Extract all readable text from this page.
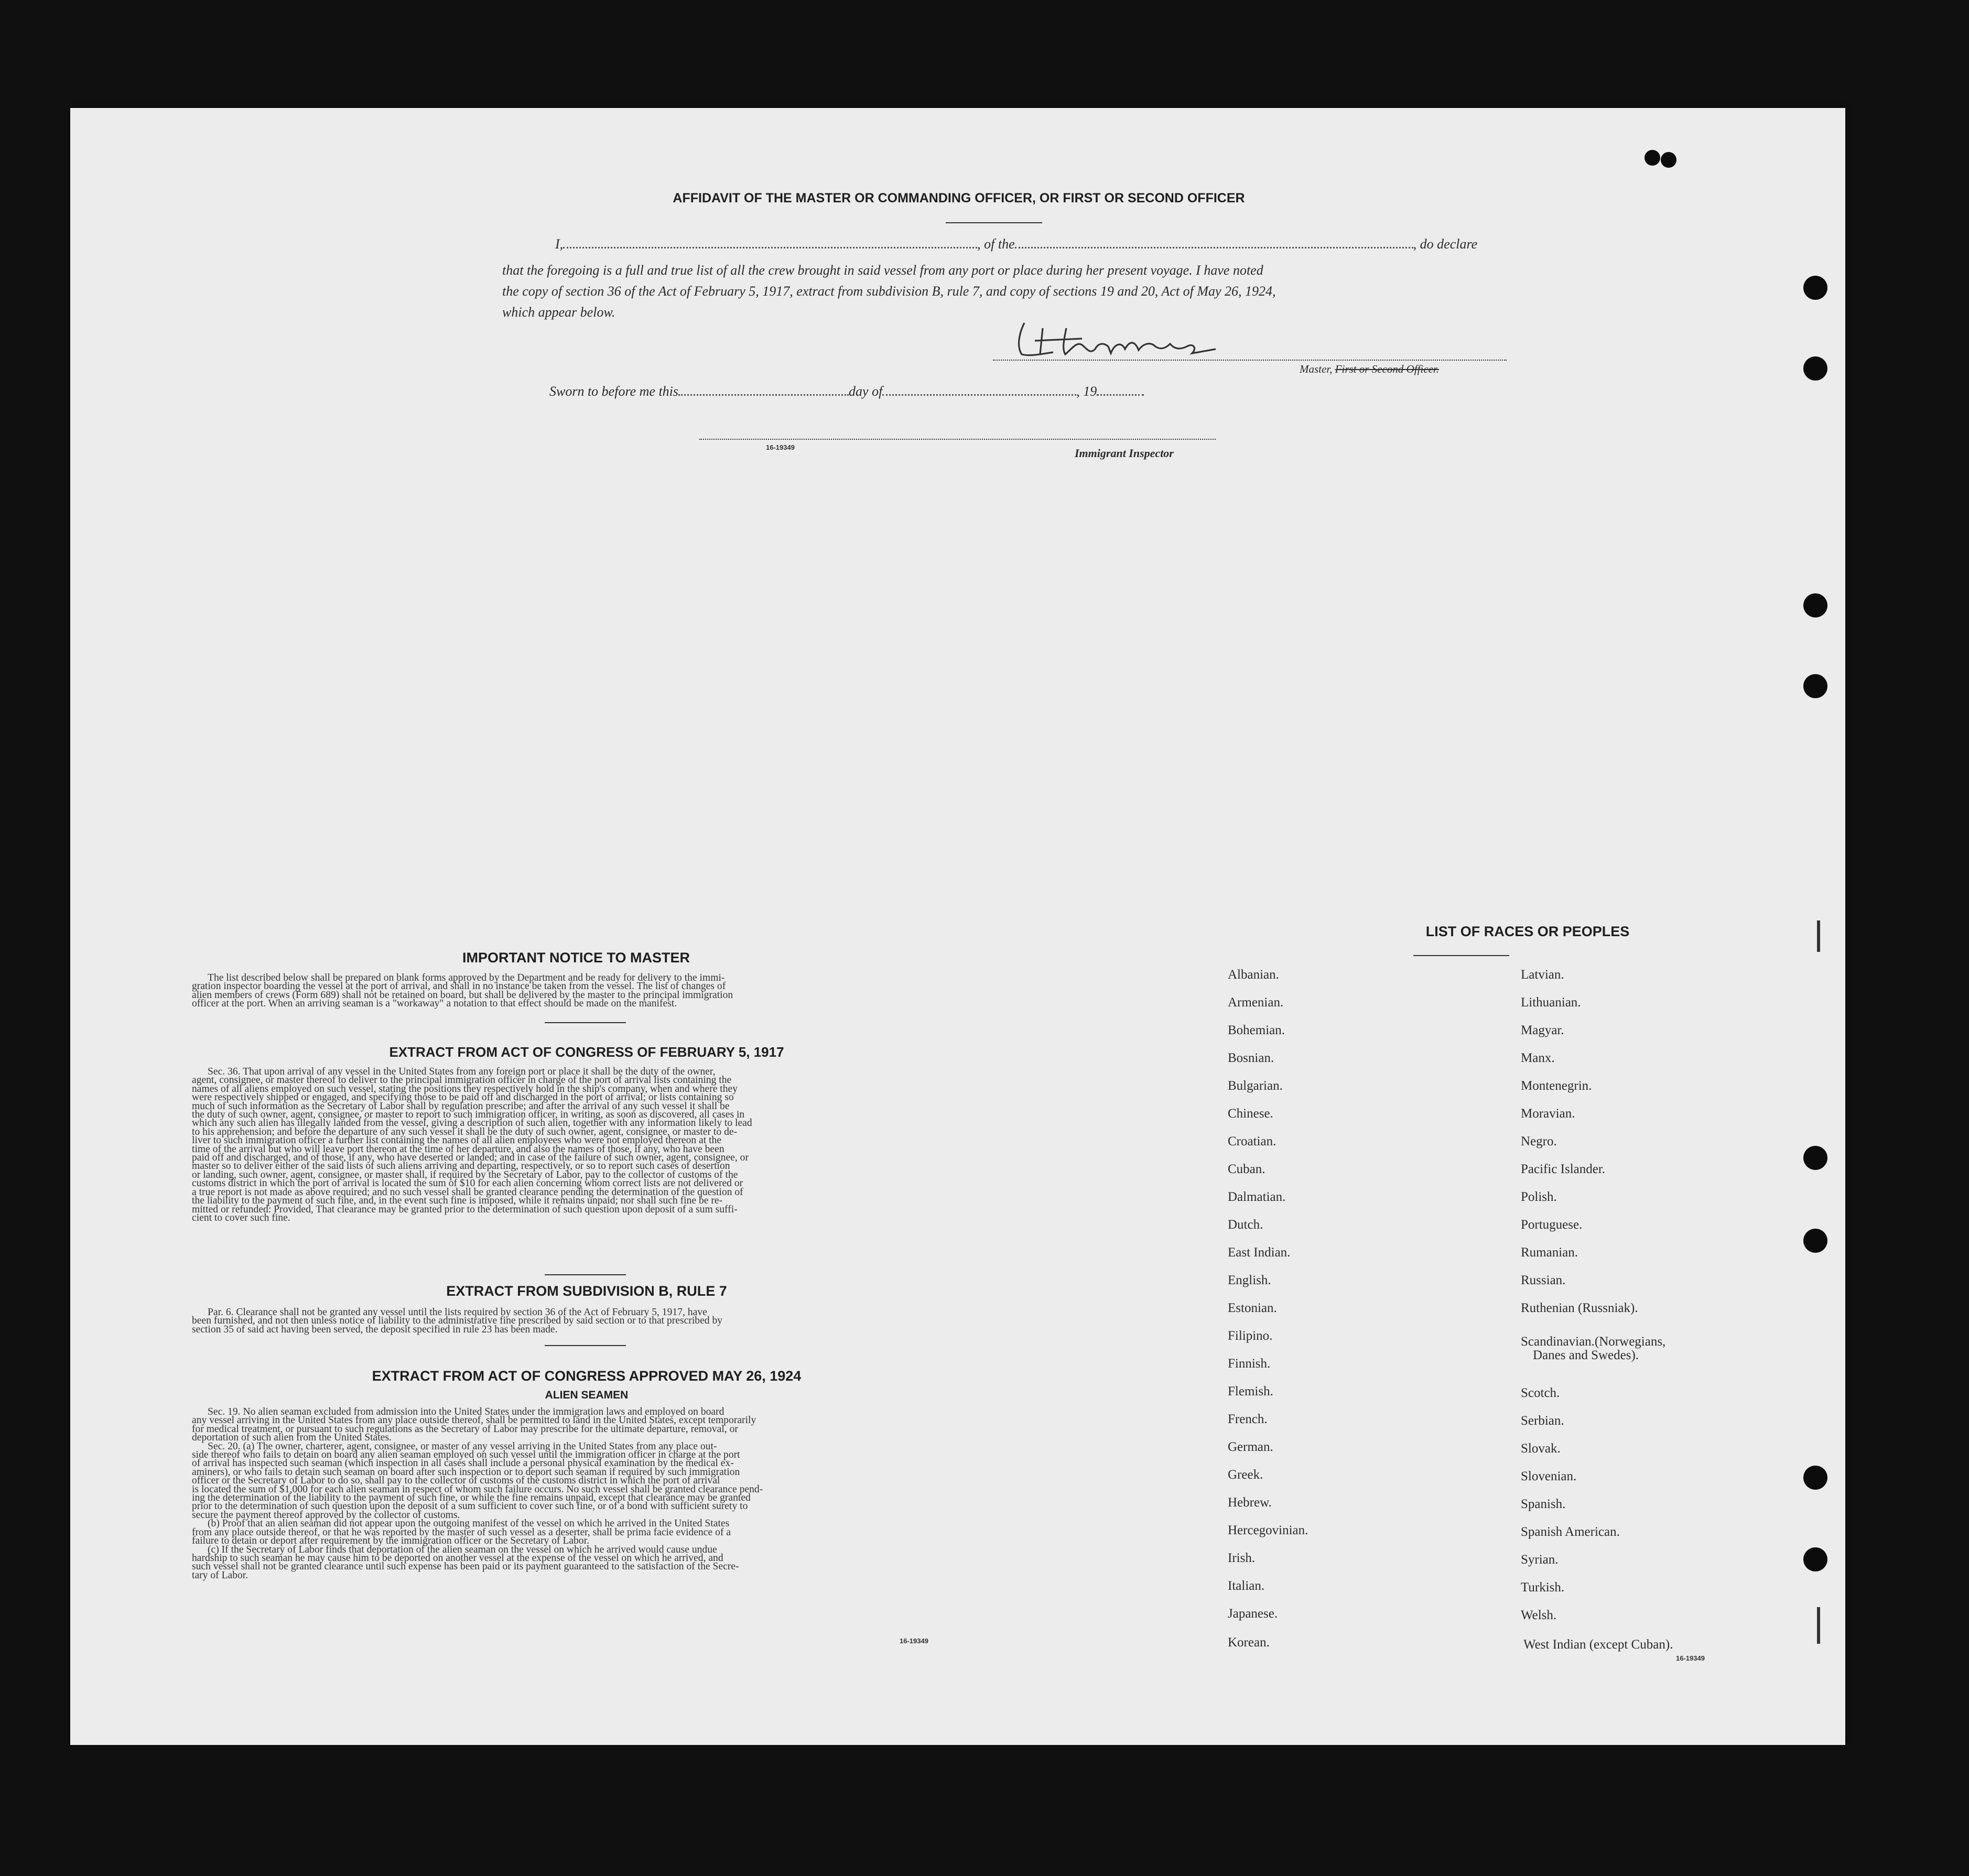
AFFIDAVIT OF THE MASTER OR COMMANDING OFFICER, OR FIRST OR SECOND OFFICER
I,	, of the	, do declare
that the foregoing is a full and true list of all the crew brought in said vessel from any port or place during her present voyage. I have noted
the copy of section 36 of the Act of February 5, 1917, extract from subdivision B, rule 7, and copy of sections 19 and 20, Act of May 26, 1924,
which appear below.
Master, First or Second Officer.
Sworn to before me this	day of	, 19
16-19349	Immigrant Inspector
IMPORTANT NOTICE TO MASTER
The list described below shall be prepared on blank forms approved by the Department and be ready for delivery to the immi-
gration inspector boarding the vessel at the port of arrival, and shall in no instance be taken from the vessel. The list of changes of
alien members of crews (Form 689) shall not be retained on board, but shall be delivered by the master to the principal immigration
officer at the port. When an arriving seaman is a "workaway" a notation to that effect should be made on the manifest.
EXTRACT FROM ACT OF CONGRESS OF FEBRUARY 5, 1917
Sec. 36. That upon arrival of any vessel in the United States from any foreign port or place it shall be the duty of the owner,
agent, consignee, or master thereof to deliver to the principal immigration officer in charge of the port of arrival lists containing the
names of all aliens employed on such vessel, stating the positions they respectively hold in the ship's company, when and where they
were respectively shipped or engaged, and specifying those to be paid off and discharged in the port of arrival; or lists containing so
much of such information as the Secretary of Labor shall by regulation prescribe; and after the arrival of any such vessel it shall be
the duty of such owner, agent, consignee, or master to report to such immigration officer, in writing, as soon as discovered, all cases in
which any such alien has illegally landed from the vessel, giving a description of such alien, together with any information likely to lead
to his apprehension; and before the departure of any such vessel it shall be the duty of such owner, agent, consignee, or master to de-
liver to such immigration officer a further list containing the names of all alien employees who were not employed thereon at the
time of the arrival but who will leave port thereon at the time of her departure, and also the names of those, if any, who have been
paid off and discharged, and of those, if any, who have deserted or landed; and in case of the failure of such owner, agent, consignee, or
master so to deliver either of the said lists of such aliens arriving and departing, respectively, or so to report such cases of desertion
or landing, such owner, agent, consignee, or master shall, if required by the Secretary of Labor, pay to the collector of customs of the
customs district in which the port of arrival is located the sum of $10 for each alien concerning whom correct lists are not delivered or
a true report is not made as above required; and no such vessel shall be granted clearance pending the determination of the question of
the liability to the payment of such fine, and, in the event such fine is imposed, while it remains unpaid; nor shall such fine be re-
mitted or refunded: Provided, That clearance may be granted prior to the determination of such question upon deposit of a sum suffi-
cient to cover such fine.
EXTRACT FROM SUBDIVISION B, RULE 7
Par. 6. Clearance shall not be granted any vessel until the lists required by section 36 of the Act of February 5, 1917, have
been furnished, and not then unless notice of liability to the administrative fine prescribed by said section or to that prescribed by
section 35 of said act having been served, the deposit specified in rule 23 has been made.
EXTRACT FROM ACT OF CONGRESS APPROVED MAY 26, 1924
ALIEN SEAMEN
Sec. 19. No alien seaman excluded from admission into the United States under the immigration laws and employed on board
any vessel arriving in the United States from any place outside thereof, shall be permitted to land in the United States, except temporarily
for medical treatment, or pursuant to such regulations as the Secretary of Labor may prescribe for the ultimate departure, removal, or
deportation of such alien from the United States.
Sec. 20. (a) The owner, charterer, agent, consignee, or master of any vessel arriving in the United States from any place out-
side thereof who fails to detain on board any alien seaman employed on such vessel until the immigration officer in charge at the port
of arrival has inspected such seaman (which inspection in all cases shall include a personal physical examination by the medical ex-
aminers), or who fails to detain such seaman on board after such inspection or to deport such seaman if required by such immigration
officer or the Secretary of Labor to do so, shall pay to the collector of customs of the customs district in which the port of arrival
is located the sum of $1,000 for each alien seaman in respect of whom such failure occurs. No such vessel shall be granted clearance pend-
ing the determination of the liability to the payment of such fine, or while the fine remains unpaid, except that clearance may be granted
prior to the determination of such question upon the deposit of a sum sufficient to cover such fine, or of a bond with sufficient surety to
secure the payment thereof approved by the collector of customs.
(b) Proof that an alien seaman did not appear upon the outgoing manifest of the vessel on which he arrived in the United States
from any place outside thereof, or that he was reported by the master of such vessel as a deserter, shall be prima facie evidence of a
failure to detain or deport after requirement by the immigration officer or the Secretary of Labor.
(c) If the Secretary of Labor finds that deportation of the alien seaman on the vessel on which he arrived would cause undue
hardship to such seaman he may cause him to be deported on another vessel at the expense of the vessel on which he arrived, and
such vessel shall not be granted clearance until such expense has been paid or its payment guaranteed to the satisfaction of the Secre-
tary of Labor.
16-19349
LIST OF RACES OR PEOPLES
Albanian.
Armenian.
Bohemian.
Bosnian.
Bulgarian.
Chinese.
Croatian.
Cuban.
Dalmatian.
Dutch.
East Indian.
English.
Estonian.
Filipino.
Finnish.
Flemish.
French.
German.
Greek.
Hebrew.
Hercegovinian.
Irish.
Italian.
Japanese.
Korean.
Latvian.
Lithuanian.
Magyar.
Manx.
Montenegrin.
Moravian.
Negro.
Pacific Islander.
Polish.
Portuguese.
Rumanian.
Russian.
Ruthenian (Russniak).
Scandinavian.(Norwegians,
Danes and Swedes).
Scotch.
Serbian.
Slovak.
Slovenian.
Spanish.
Spanish American.
Syrian.
Turkish.
Welsh.
West Indian (except Cuban).
16-19349
